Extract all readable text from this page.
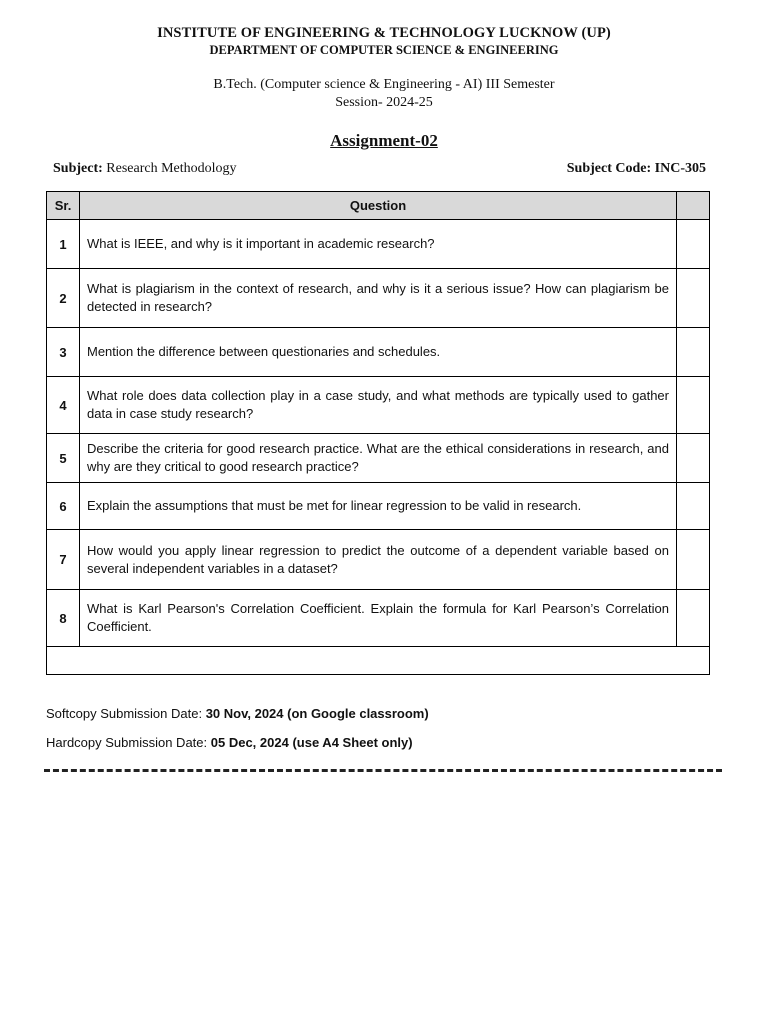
INSTITUTE OF ENGINEERING & TECHNOLOGY LUCKNOW (UP)
DEPARTMENT OF COMPUTER SCIENCE & ENGINEERING
B.Tech. (Computer science & Engineering - AI) III Semester
Session- 2024-25
Assignment-02
Subject: Research Methodology	Subject Code: INC-305
Sr.	Question	
1	What is IEEE, and why is it important in academic research?	
2	What is plagiarism in the context of research, and why is it a serious issue? How can plagiarism be detected in research?	
3	Mention the difference between questionaries and schedules.	
4	What role does data collection play in a case study, and what methods are typically used to gather data in case study research?	
5	Describe the criteria for good research practice. What are the ethical considerations in research, and why are they critical to good research practice?	
6	Explain the assumptions that must be met for linear regression to be valid in research.	
7	How would you apply linear regression to predict the outcome of a dependent variable based on several independent variables in a dataset?	
8	What is Karl Pearson's Correlation Coefficient. Explain the formula for Karl Pearson’s Correlation Coefficient.	

Softcopy Submission Date: 30 Nov, 2024 (on Google classroom)
Hardcopy Submission Date: 05 Dec, 2024 (use A4 Sheet only)
